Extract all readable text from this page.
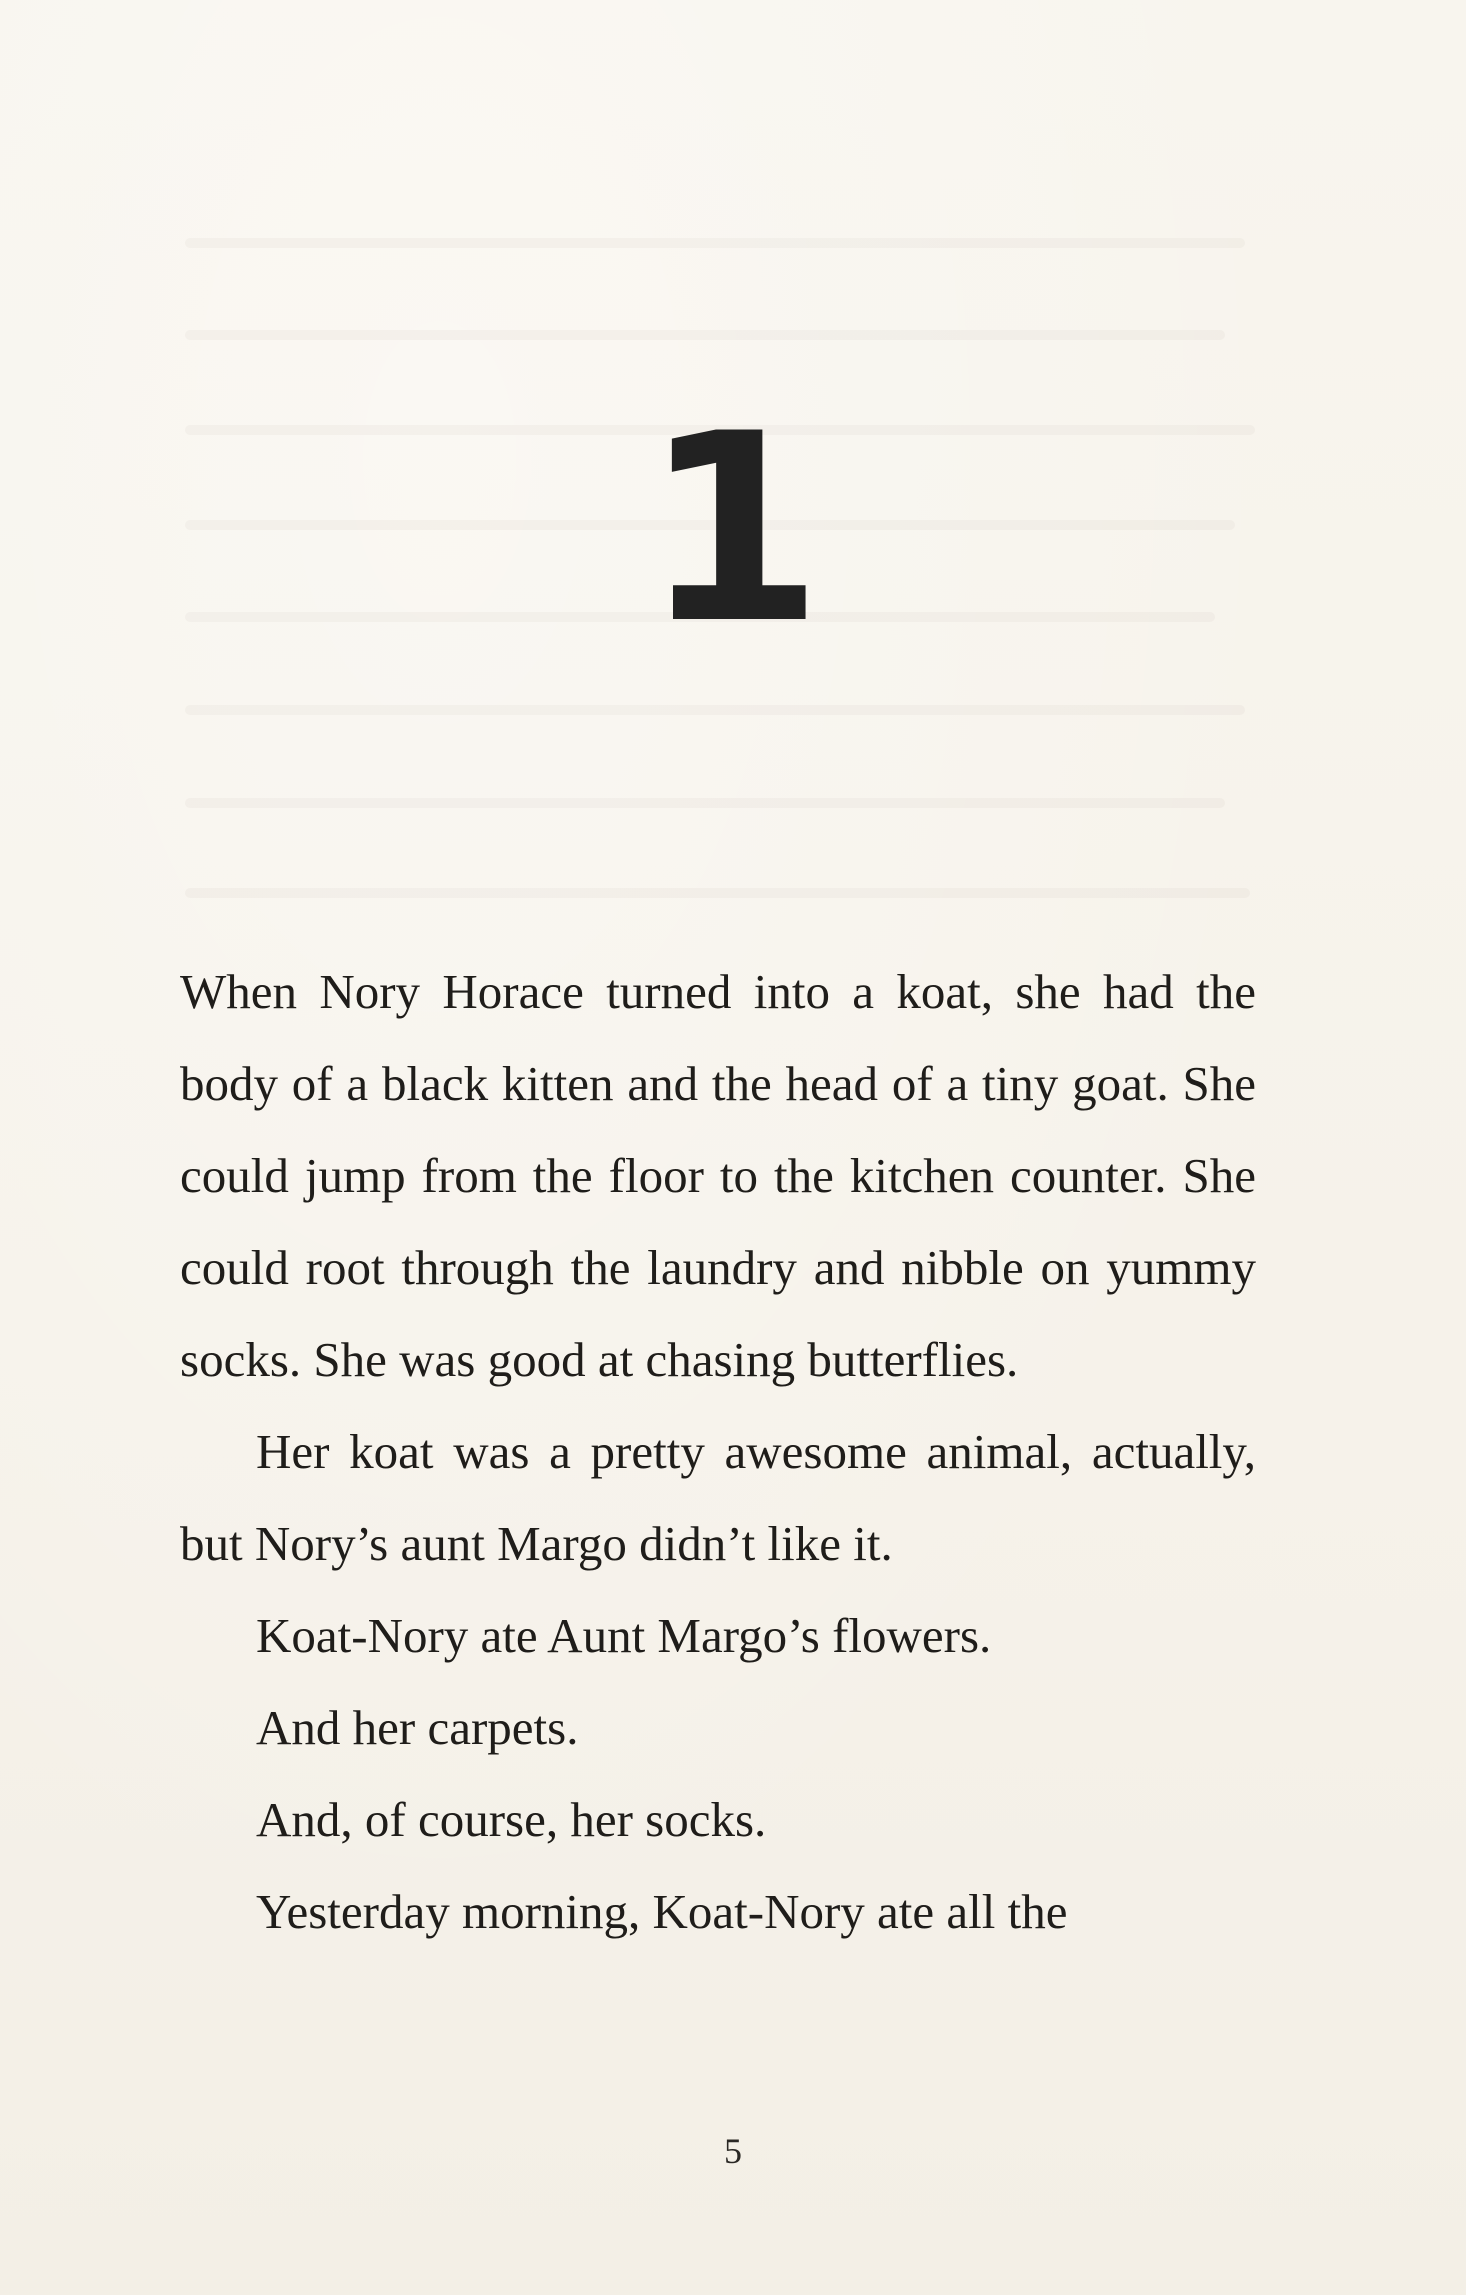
1

When Nory Horace turned into a koat, she had the body of a black kitten and the head of a tiny goat. She could jump from the floor to the kitchen counter. She could root through the laundry and nibble on yummy socks. She was good at chasing butterflies.

Her koat was a pretty awesome animal, actually, but Nory’s aunt Margo didn’t like it.

Koat-Nory ate Aunt Margo’s flowers.

And her carpets.

And, of course, her socks.

Yesterday morning, Koat-Nory ate all the

5
